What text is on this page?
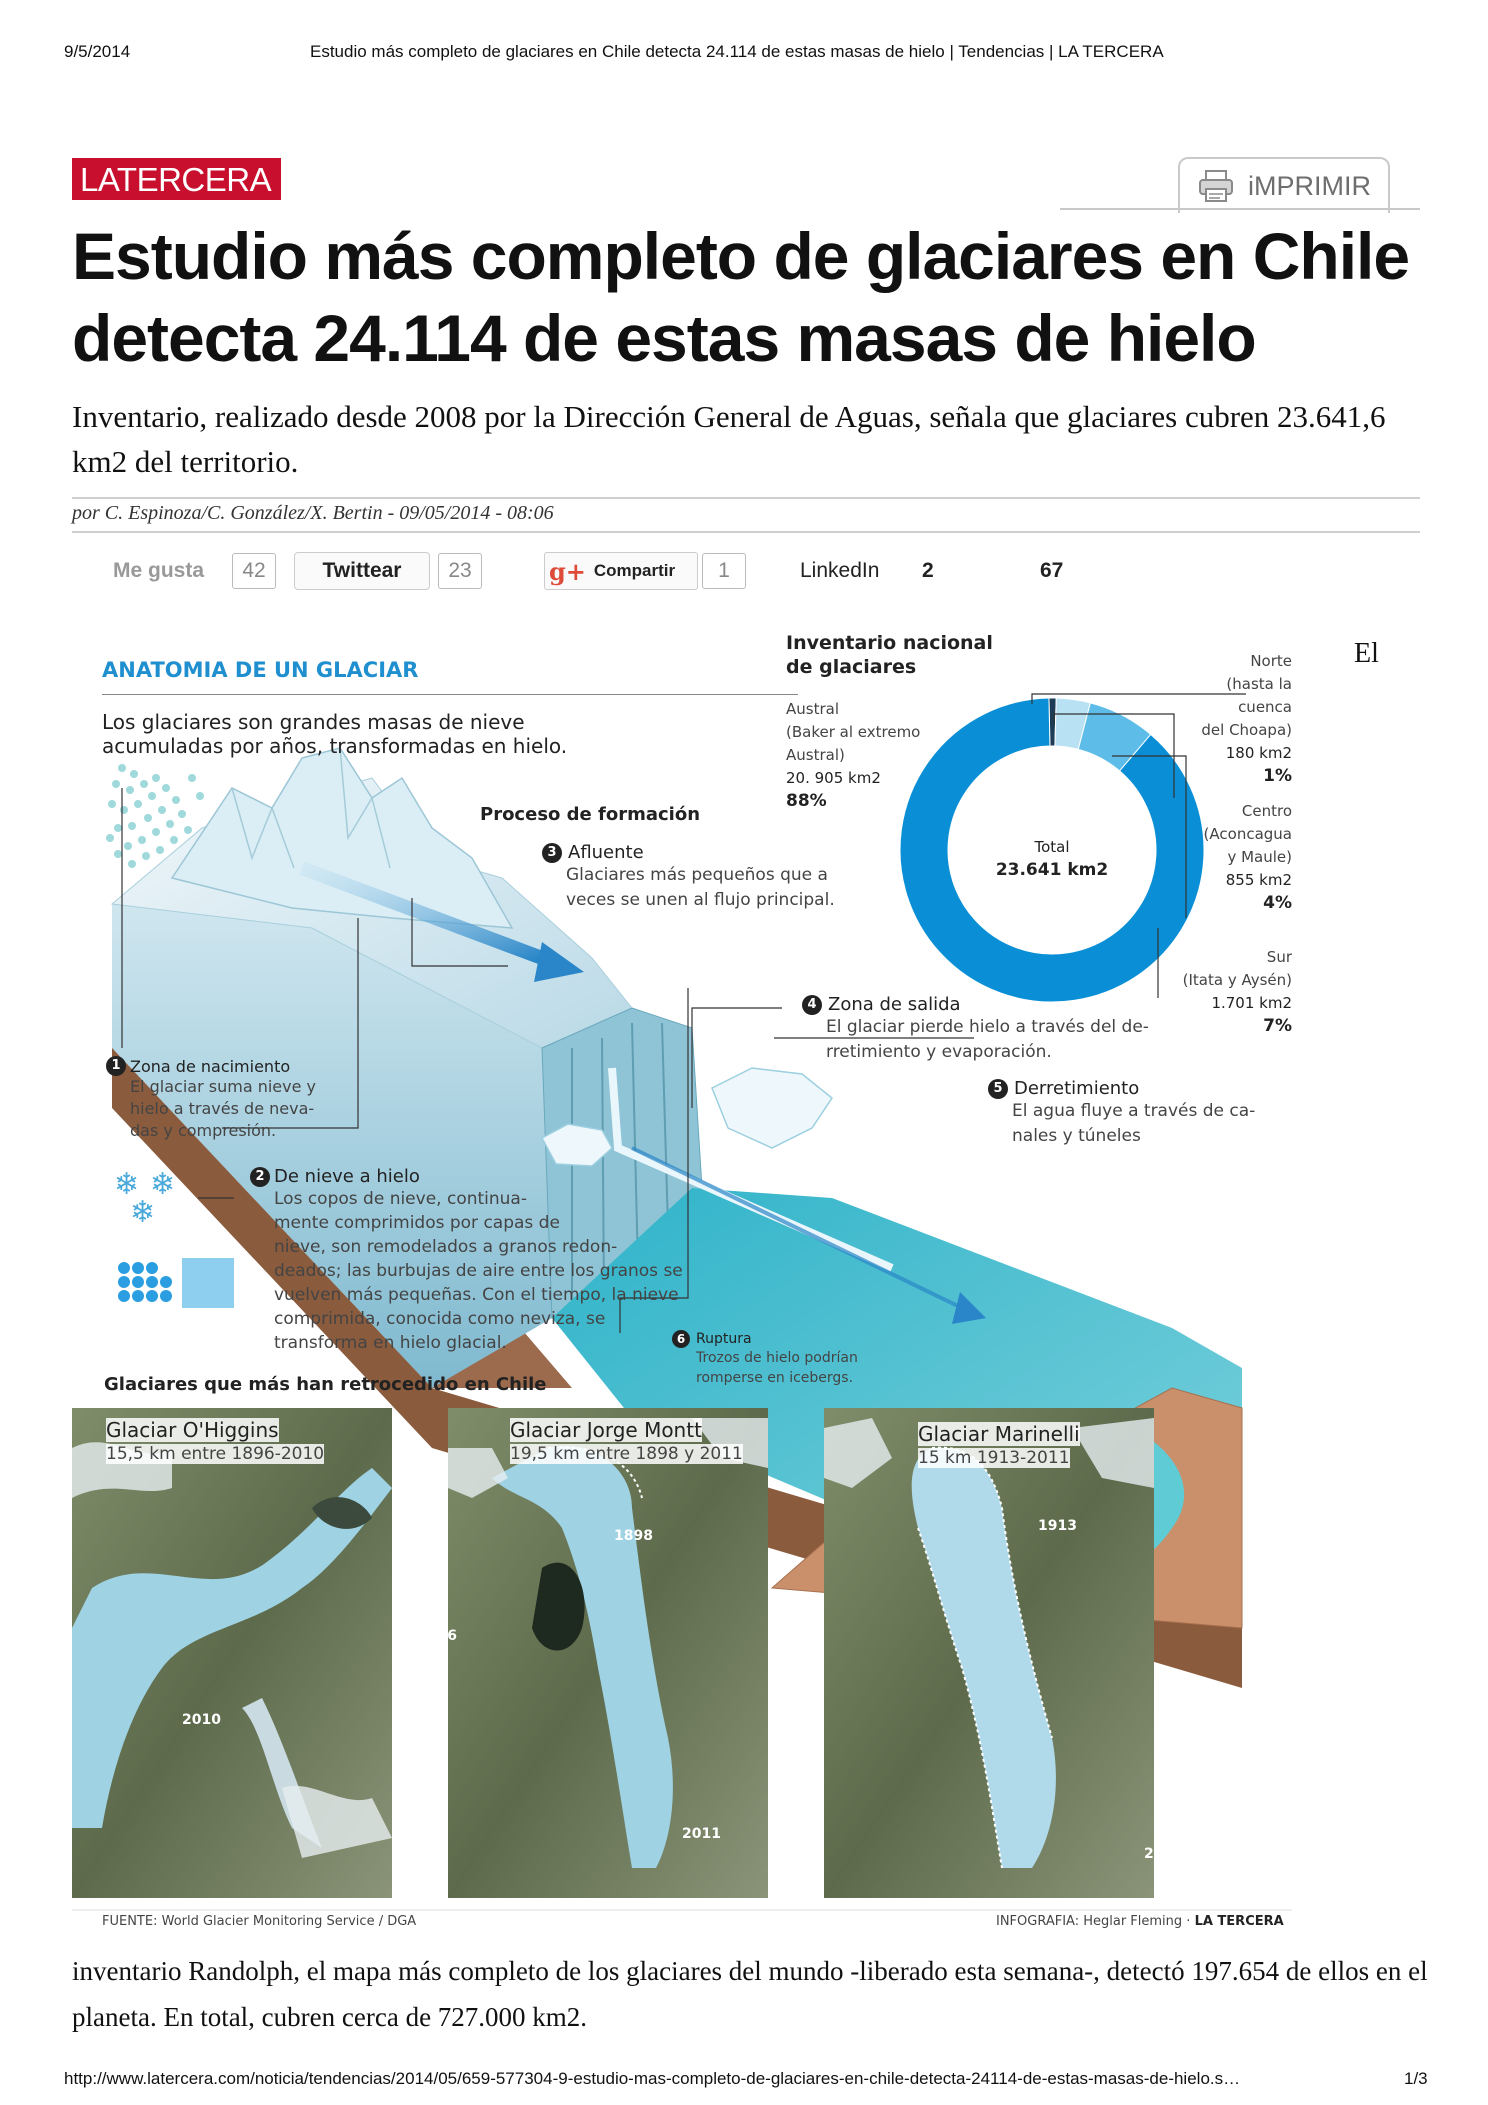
9/5/2014	Estudio más completo de glaciares en Chile detecta 24.114 de estas masas de hielo | Tendencias | LA TERCERA
LATERCERA	iMPRIMIR
Estudio más completo de glaciares en Chile
detecta 24.114 de estas masas de hielo

Inventario, realizado desde 2008 por la Dirección General de Aguas, señala que glaciares cubren 23.641,6 km2 del territorio.

por C. Espinoza/C. González/X. Bertin - 09/05/2014 - 08:06
Me gusta	42	Twittear	23	g+ Compartir	1	LinkedIn 2	67
❄ ❄
❄
ANATOMIA DE UN GLACIAR
Los glaciares son grandes masas de nieve
acumuladas por años, transformadas en hielo.
Proceso de formación
1 Zona de nacimiento
El glaciar suma nieve y
hielo a través de neva-
das y compresión.
2 De nieve a hielo
Los copos de nieve, continua-
mente comprimidos por capas de
nieve, son remodelados a granos redon-
deados; las burbujas de aire entre los granos se
vuelven más pequeñas. Con el tiempo, la nieve
comprimida, conocida como neviza, se
transforma en hielo glacial.
3 Afluente
Glaciares más pequeños que a
veces se unen al flujo principal.
4 Zona de salida
El glaciar pierde hielo a través del de-
rretimiento y evaporación.
5 Derretimiento
El agua fluye a través de ca-
nales y túneles
6 Ruptura
Trozos de hielo podrían
romperse en icebergs.
Inventario nacional
de glaciares
Austral
(Baker al extremo
Austral)
20. 905 km2
88%
Norte
(hasta la cuenca
del Choapa)
180 km2
1%
Centro
(Aconcagua
y Maule)
855 km2
4%
Sur
(Itata y Aysén)
1.701 km2
7%
Total
23.641 km2
Glaciares que más han retrocedido en Chile
Glaciar O'Higgins
15,5 km entre 1896-2010
1896
2010
Glaciar Jorge Montt
19,5 km entre 1898 y 2011
1898
2011
Glaciar Marinelli
15 km 1913-2011
1913
2011
FUENTE: World Glacier Monitoring Service / DGA	INFOGRAFIA: Heglar Fleming · LA TERCERA
El

inventario Randolph, el mapa más completo de los glaciares del mundo -liberado esta semana-, detectó 197.654 de ellos en el planeta. En total, cubren cerca de 727.000 km2.

http://www.latercera.com/noticia/tendencias/2014/05/659-577304-9-estudio-mas-completo-de-glaciares-en-chile-detecta-24114-de-estas-masas-de-hielo.s…	1/3
